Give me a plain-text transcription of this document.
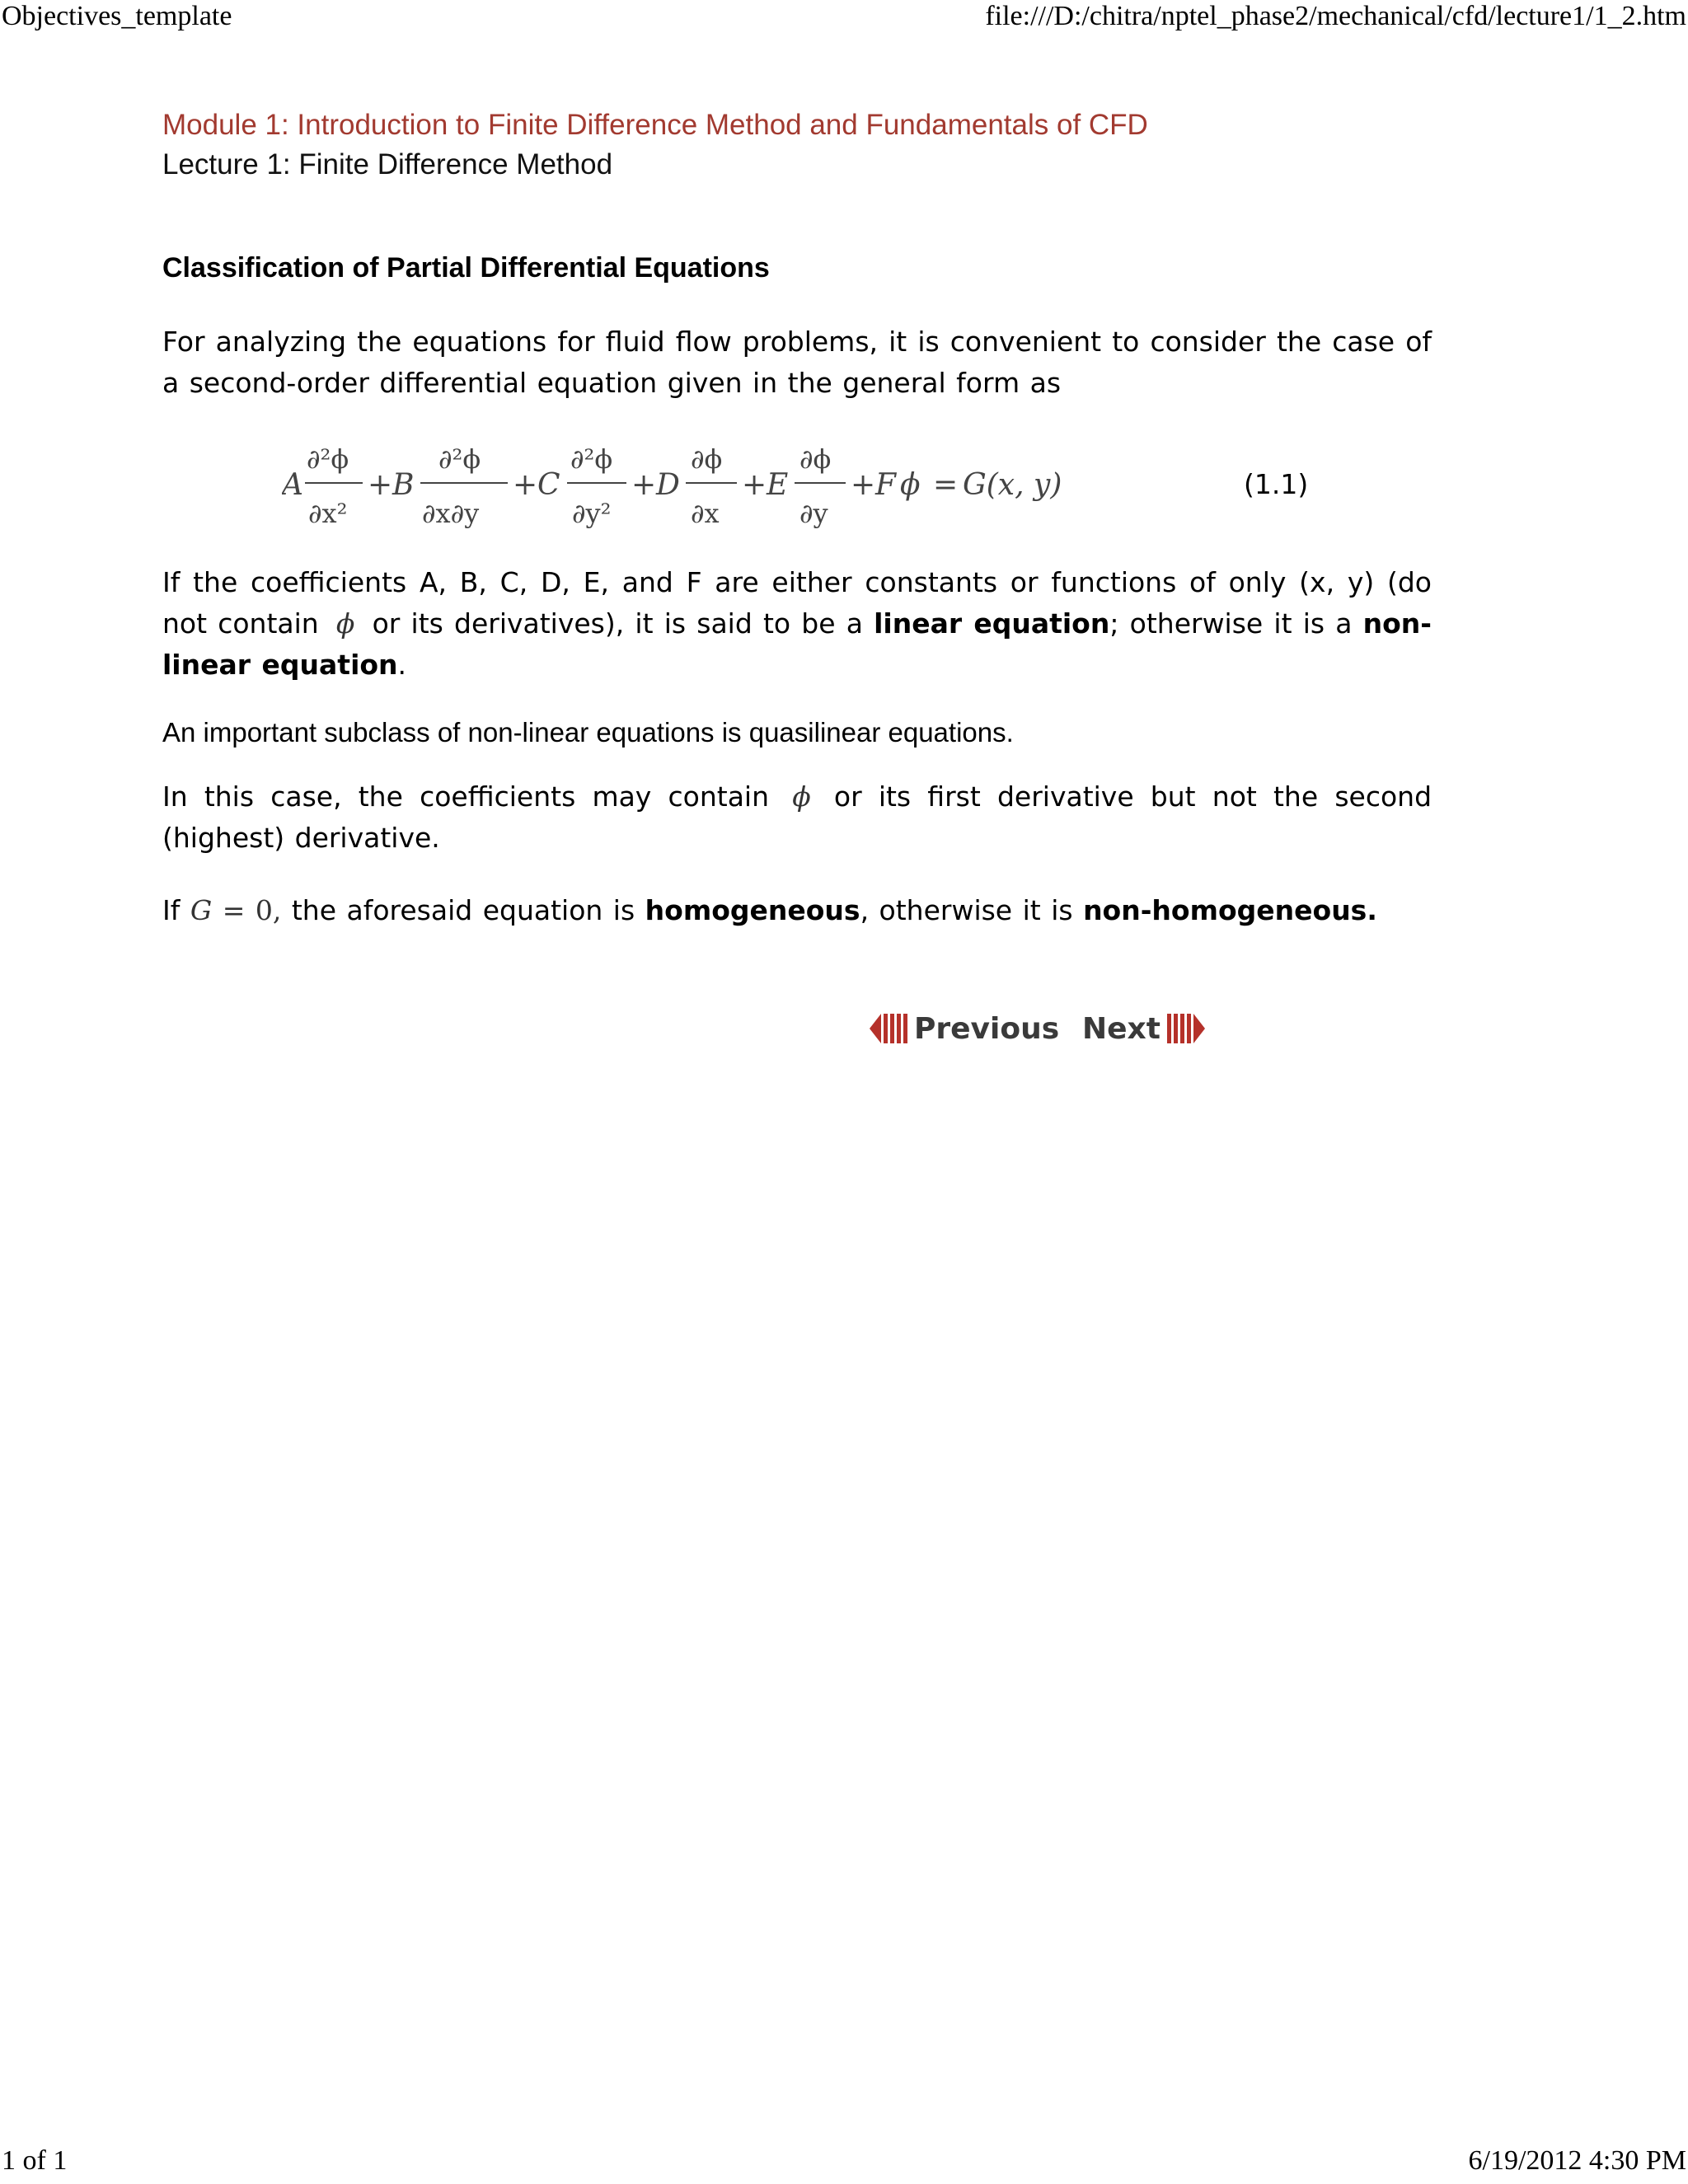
Objectives_template	file:///D:/chitra/nptel_phase2/mechanical/cfd/lecture1/1_2.htm
Module 1: Introduction to Finite Difference Method and Fundamentals of CFD
Lecture 1: Finite Difference Method
Classification of Partial Differential Equations
For analyzing the equations for fluid flow problems, it is convenient to consider the case of a second-order differential equation given in the general form as
A
∂²ϕ
∂x²
+ B
∂²ϕ
∂x∂y
+ C
∂²ϕ
∂y²
+ D
∂ϕ
∂x
+ E
∂ϕ
∂y
+ F ϕ = G(x, y)	(1.1)
If the coefficients A, B, C, D, E, and F are either constants or functions of only (x, y) (do not contain ϕ or its derivatives), it is said to be a linear equation; otherwise it is a non-linear equation.
An important subclass of non-linear equations is quasilinear equations.
In this case, the coefficients may contain ϕ or its first derivative but not the second (highest) derivative.
If G = 0, the aforesaid equation is homogeneous, otherwise it is non-homogeneous.
Previous Next
1 of 1	6/19/2012 4:30 PM
